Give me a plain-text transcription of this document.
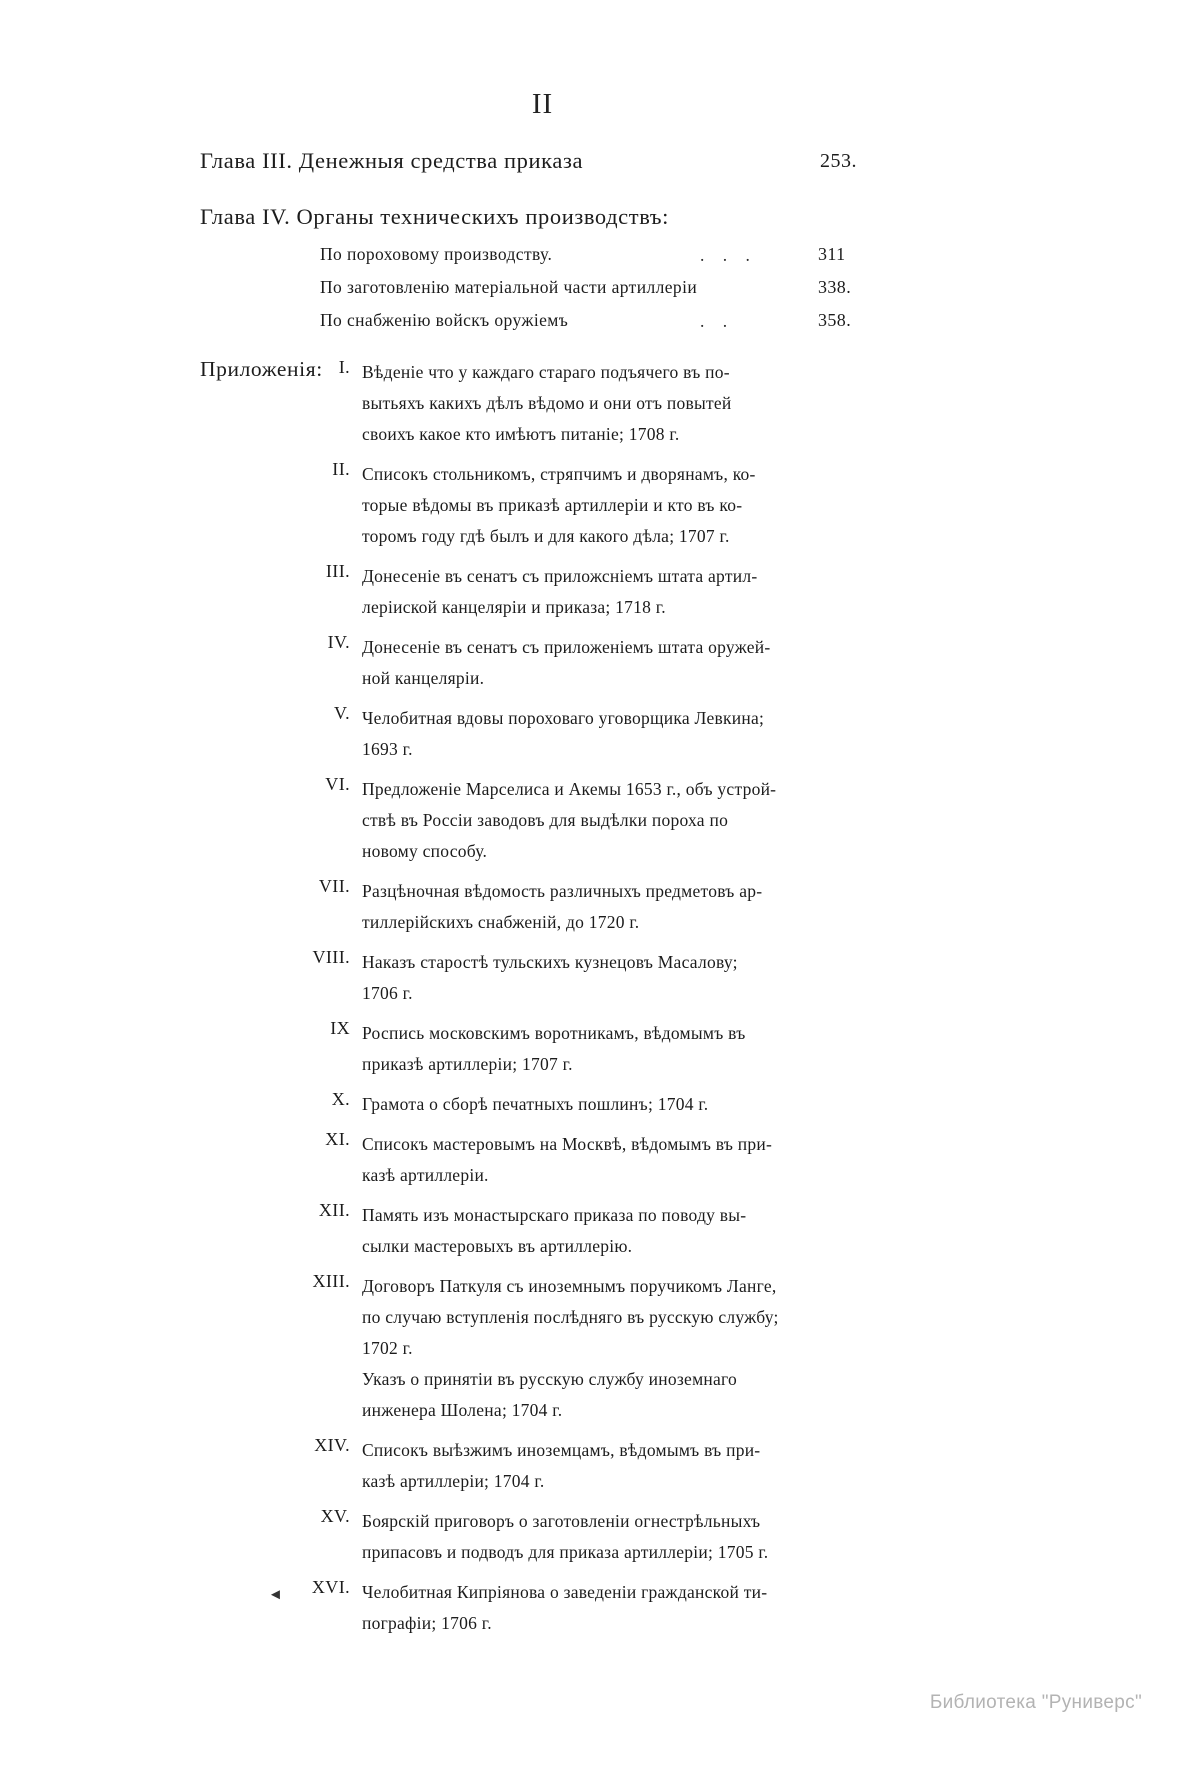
II
Глава III. Денежныя средства приказа	253.
Глава IV. Органы техническихъ производствъ:
По пороховому производству.	. . .	311
По заготовленію матеріальной части артиллеріи	338.
По снабженію войскъ оружіемъ	. .	358.
Приложенія: I. Вѣденіе что у каждаго стараго подъячего въ по-
вытьяхъ какихъ дѣлъ вѣдомо и они отъ повытей
своихъ какое кто имѣютъ питаніе; 1708 г.
II. Списокъ стольникомъ, стряпчимъ и дворянамъ, ко-
торые вѣдомы въ приказѣ артиллеріи и кто въ ко-
торомъ году гдѣ былъ и для какого дѣла; 1707 г.
III. Донесеніе въ сенатъ съ приложсніемъ штата артил-
леріиской канцеляріи и приказа; 1718 г.
IV. Донесеніе въ сенатъ съ приложеніемъ штата оружей-
ной канцеляріи.
V. Челобитная вдовы пороховаго уговорщика Левкина;
1693 г.
VI. Предложеніе Марселиса и Акемы 1653 г., объ устрой-
ствѣ въ Россіи заводовъ для выдѣлки пороха по
новому способу.
VII. Разцѣночная вѣдомость различныхъ предметовъ ар-
тиллерійскихъ снабженій, до 1720 г.
VIII. Наказъ старостѣ тульскихъ кузнецовъ Масалову;
1706 г.
IX Роспись московскимъ воротникамъ, вѣдомымъ въ
приказѣ артиллеріи; 1707 г.
X. Грамота о сборѣ печатныхъ пошлинъ; 1704 г.
XI. Списокъ мастеровымъ на Москвѣ, вѣдомымъ въ при-
казѣ артиллеріи.
XII. Память изъ монастырскаго приказа по поводу вы-
сылки мастеровыхъ въ артиллерію.
XIII. Договоръ Паткуля съ иноземнымъ поручикомъ Ланге,
по случаю вступленія послѣдняго въ русскую службу;
1702 г.
Указъ о принятіи въ русскую службу иноземнаго
инженера Шолена; 1704 г.
XIV. Списокъ выѣзжимъ иноземцамъ, вѣдомымъ въ при-
казѣ артиллеріи; 1704 г.
XV. Боярскій приговоръ о заготовленіи огнестрѣльныхъ
припасовъ и подводъ для приказа артиллеріи; 1705 г.
◄	XVI. Челобитная Кипріянова о заведеніи гражданской ти-
пографіи; 1706 г.
Библиотека "Руниверс"
